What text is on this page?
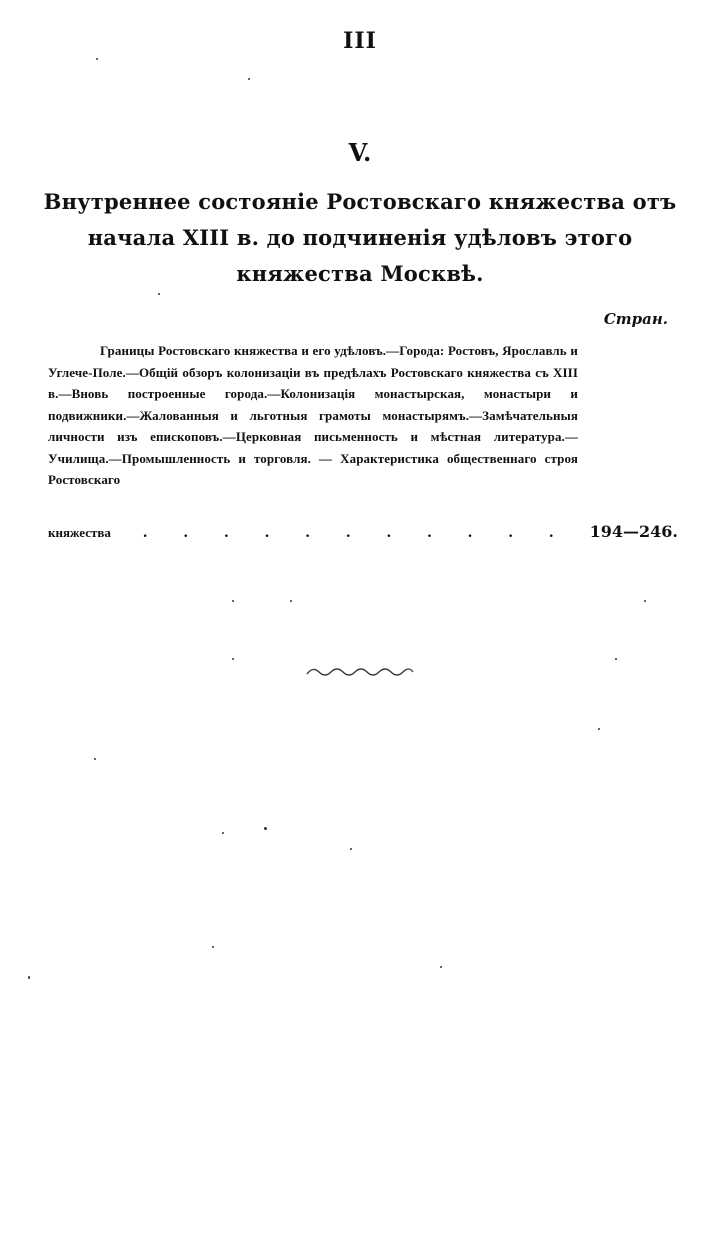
III
V.
Внутреннее состояніе Ростовскаго княжества отъ
начала XIII в. до подчиненія удѣловъ этого
княжества Москвѣ.
Стран.
Границы Ростовскаго княжества и его удѣловъ.—Города: Ростовъ, Ярославль и Углече-Поле.—Общій обзоръ колонизаціи въ предѣлахъ Ростовскаго княжества съ XIII в.—Вновь построенные города.—Колонизація монастырская, монастыри и подвижники.—Жалованныя и льготныя грамоты монастырямъ.—Замѣчательныя личности изъ епископовъ.—Церковная письменность и мѣстная литература.—Училища.—Промышленность и торговля. — Характеристика общественнаго строя Ростовскаго
княжества . . . . . . . . . . . 194—246.
